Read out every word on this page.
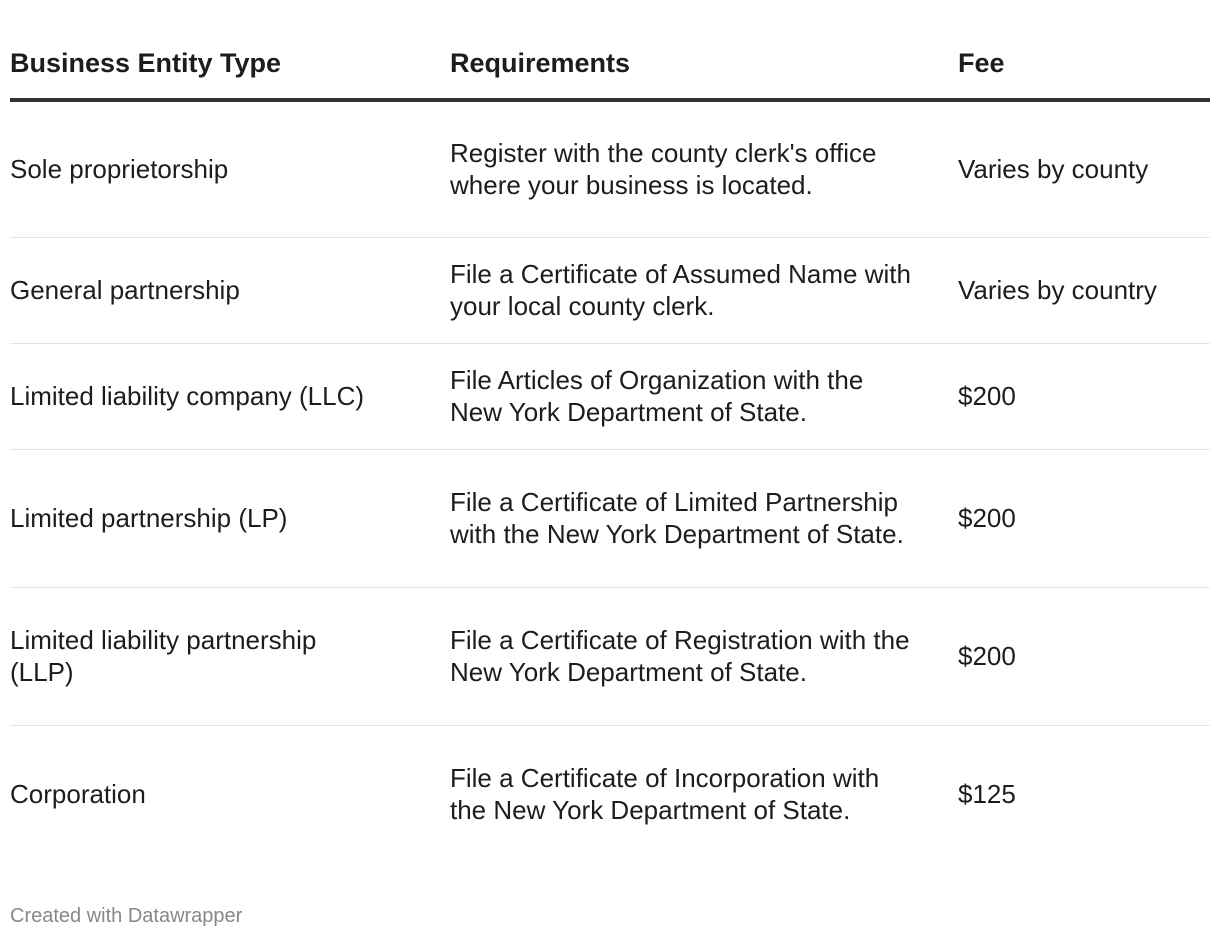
Business Entity Type	Requirements	Fee

Sole proprietorship	Register with the county clerk's office where your business is located.	Varies by county

General partnership	File a Certificate of Assumed Name with your local county clerk.	Varies by country

Limited liability company (LLC)	File Articles of Organization with the New York Department of State.	$200

Limited partnership (LP)	File a Certificate of Limited Partnership with the New York Department of State.	$200

Limited liability partnership (LLP)	File a Certificate of Registration with the New York Department of State.	$200

Corporation	File a Certificate of Incorporation with the New York Department of State.	$125
Created with Datawrapper
